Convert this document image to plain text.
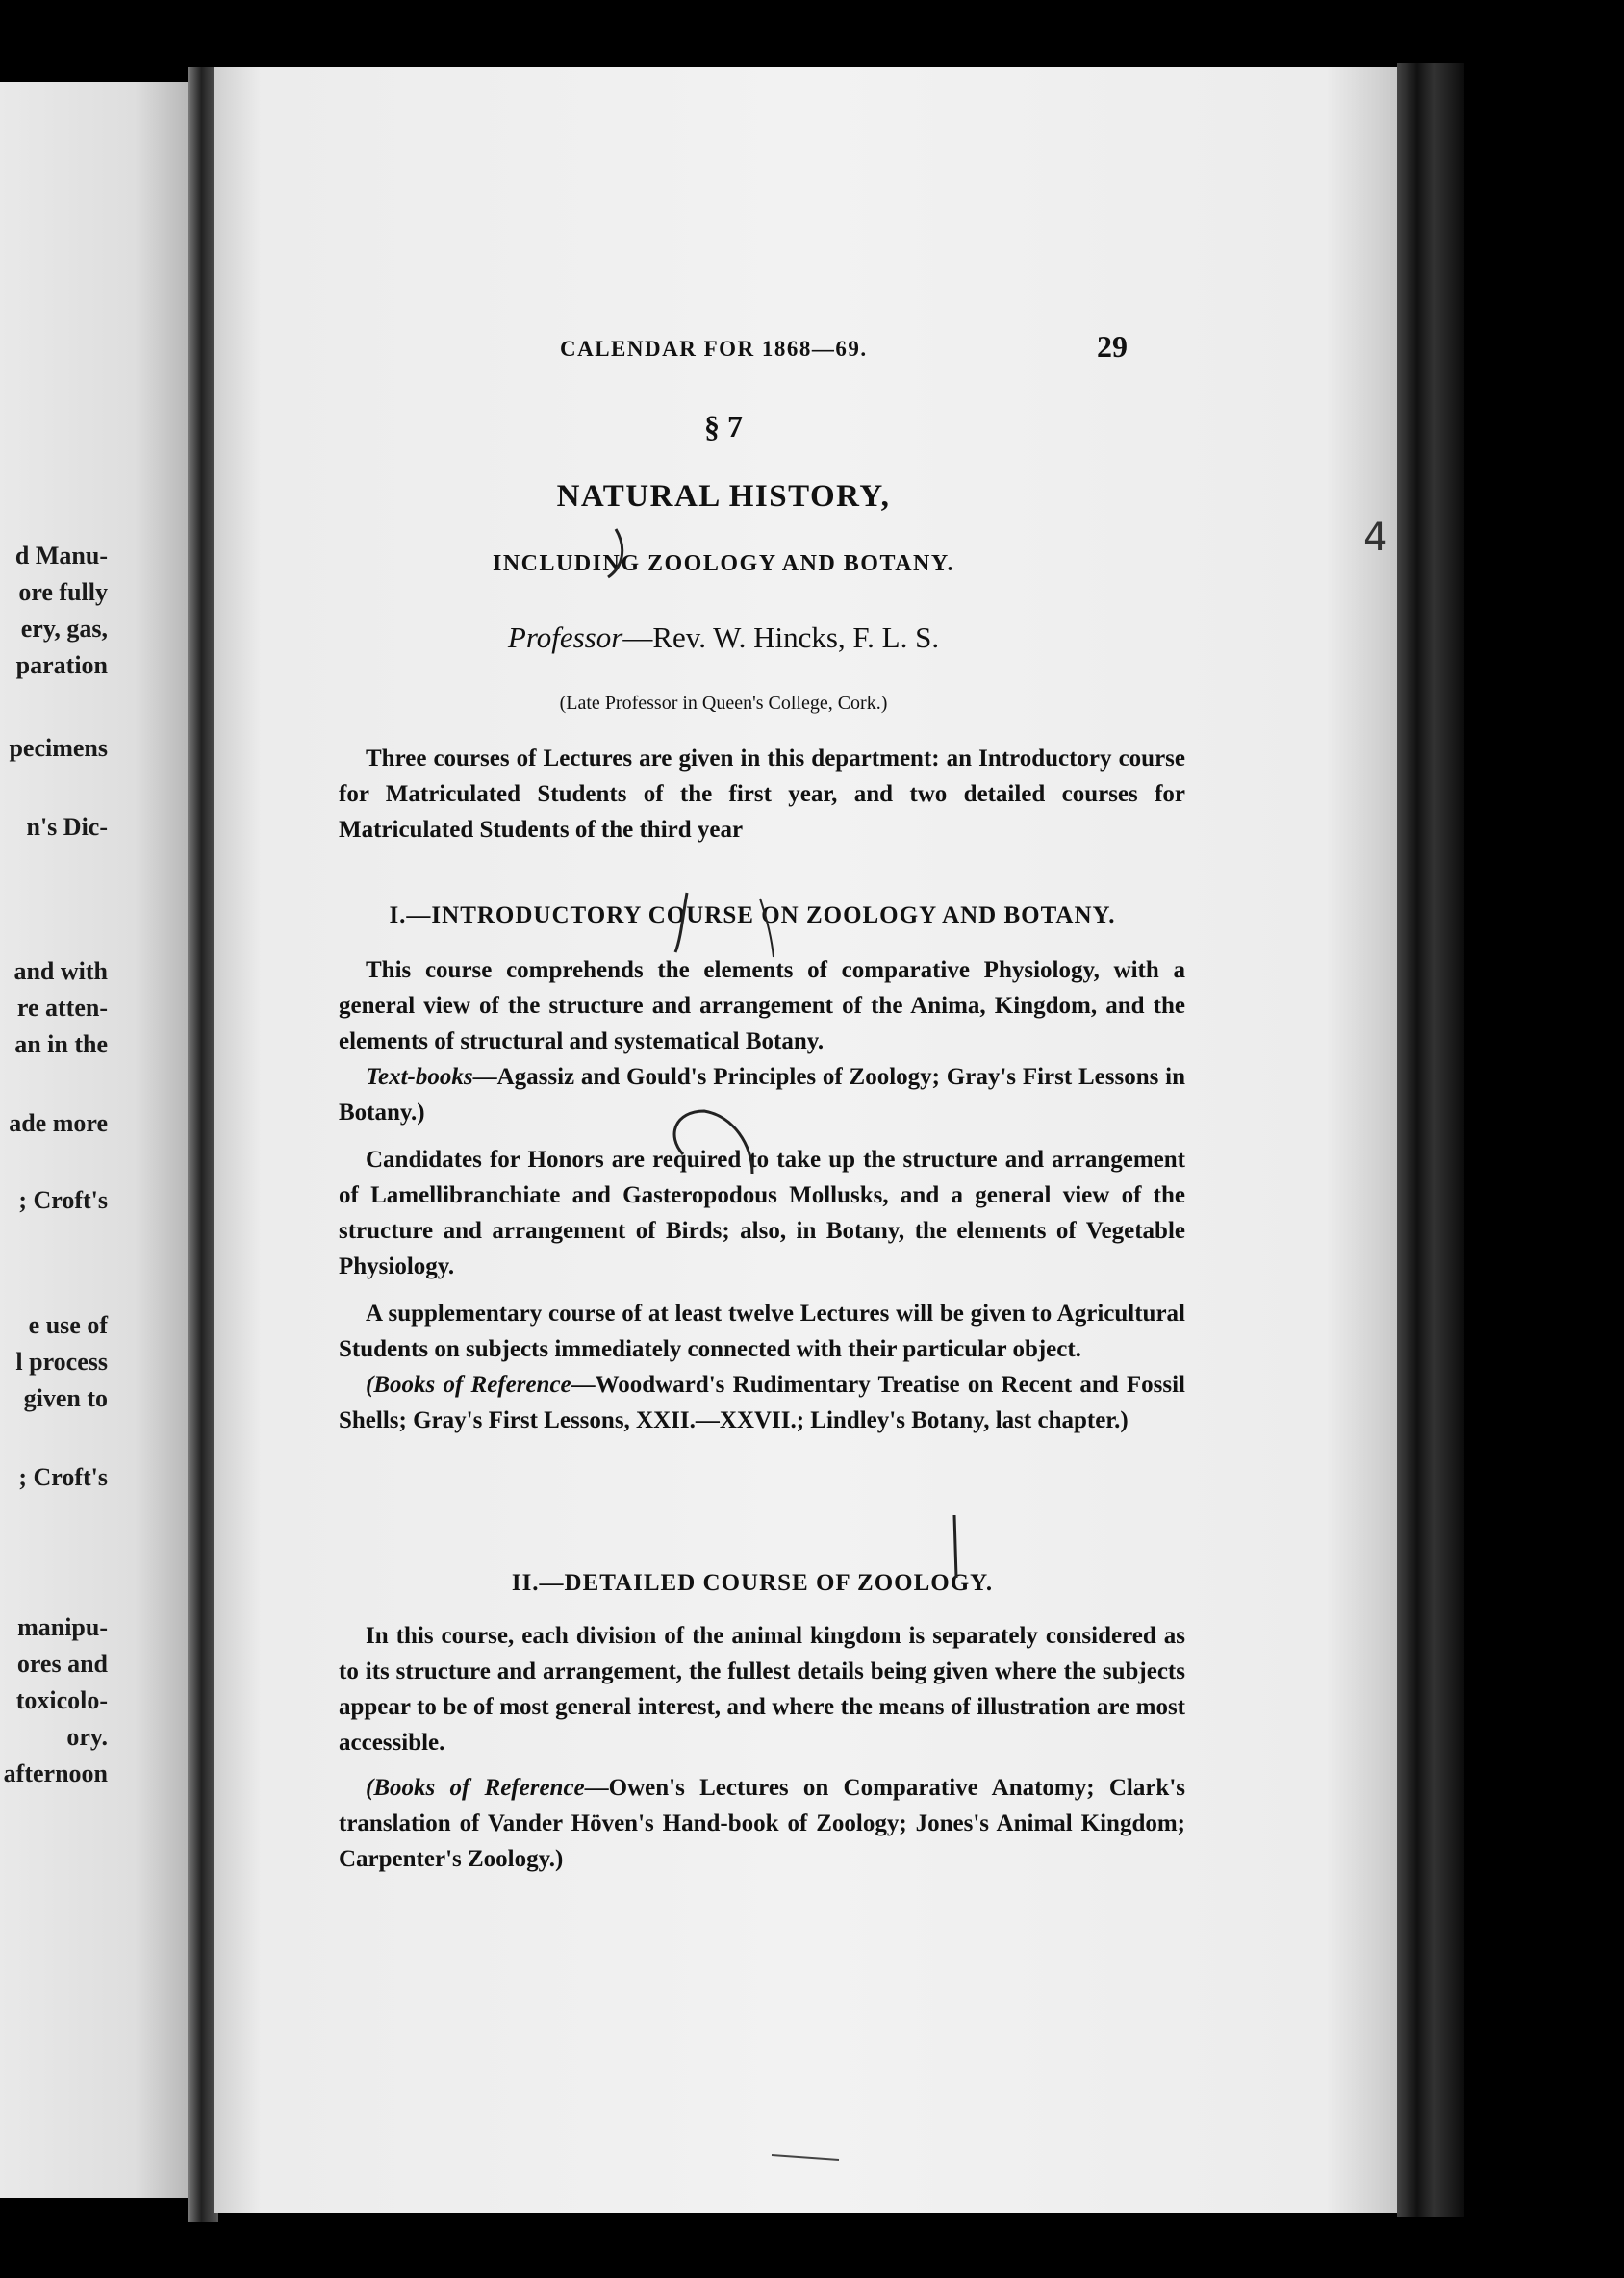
d Manu-
ore fully
ery, gas,
paration
pecimens
n's Dic-
and with
re atten-
an in the
ade more
; Croft's
e use of
l process
given to
; Croft's
manipu-
ores and
toxicolo-
ory.
afternoon
CALENDAR FOR 1868—69.	29
§ 7
NATURAL HISTORY,
INCLUDING ZOOLOGY AND BOTANY.
Professor—Rev. W. Hincks, F. L. S.
(Late Professor in Queen's College, Cork.)

Three courses of Lectures are given in this department: an Introductory course for Matriculated Students of the first year, and two detailed courses for Matriculated Students of the third year

I.—INTRODUCTORY COURSE ON ZOOLOGY AND BOTANY.

This course comprehends the elements of comparative Physiology, with a general view of the structure and arrangement of the Anima, Kingdom, and the elements of structural and systematical Botany.

Text-books—Agassiz and Gould's Principles of Zoology; Gray's First Lessons in Botany.)

Candidates for Honors are required to take up the structure and arrangement of Lamellibranchiate and Gasteropodous Mollusks, and a general view of the structure and arrangement of Birds; also, in Botany, the elements of Vegetable Physiology.

A supplementary course of at least twelve Lectures will be given to Agricultural Students on subjects immediately connected with their particular object.

(Books of Reference—Woodward's Rudimentary Treatise on Recent and Fossil Shells; Gray's First Lessons, XXII.—XXVII.; Lindley's Botany, last chapter.)

II.—DETAILED COURSE OF ZOOLOGY.

In this course, each division of the animal kingdom is separately considered as to its structure and arrangement, the fullest details being given where the subjects appear to be of most general interest, and where the means of illustration are most accessible.

(Books of Reference—Owen's Lectures on Comparative Anatomy; Clark's translation of Vander Höven's Hand-book of Zoology; Jones's Animal Kingdom; Carpenter's Zoology.)

4
